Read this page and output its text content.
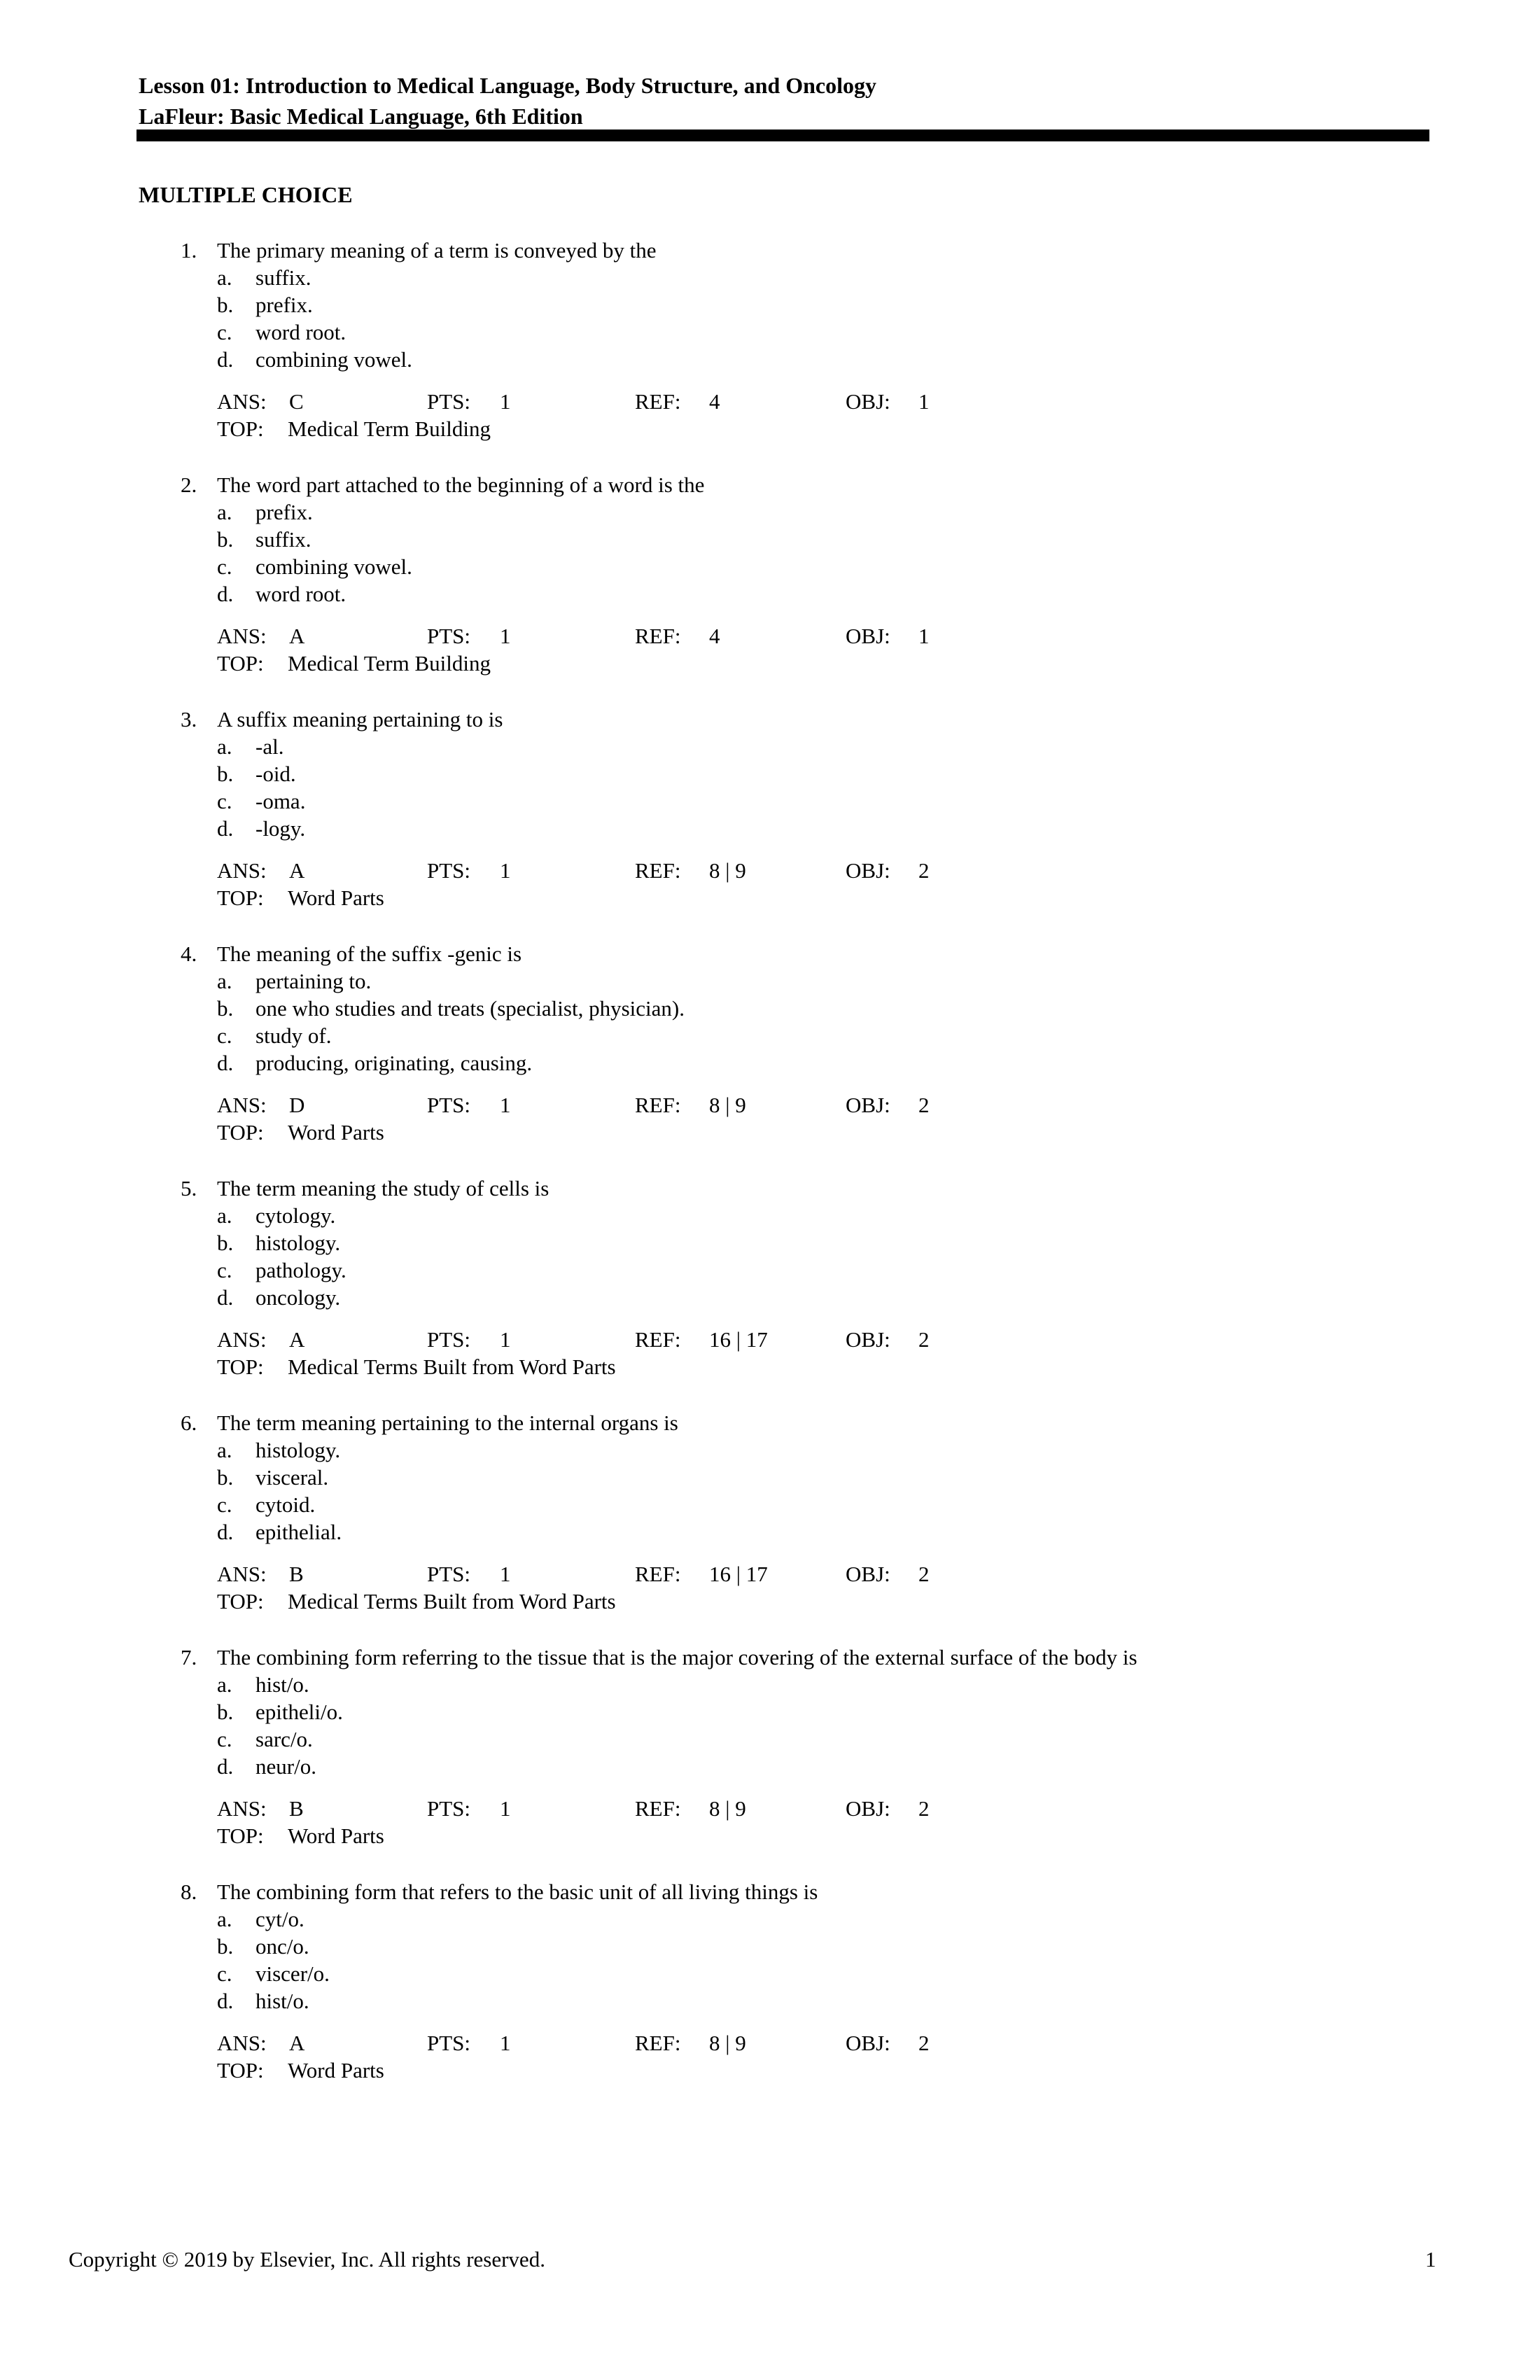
Lesson 01: Introduction to Medical Language, Body Structure, and Oncology

LaFleur: Basic Medical Language, 6th Edition

MULTIPLE CHOICE

1. The primary meaning of a term is conveyed by the
a. suffix.
b. prefix.
c. word root.
d. combining vowel.
ANS: C	PTS: 1	REF: 4	OBJ: 1
TOP: Medical Term Building
2. The word part attached to the beginning of a word is the
a. prefix.
b. suffix.
c. combining vowel.
d. word root.
ANS: A	PTS: 1	REF: 4	OBJ: 1
TOP: Medical Term Building
3. A suffix meaning pertaining to is
a. -al.
b. -oid.
c. -oma.
d. -logy.
ANS: A	PTS: 1	REF: 8 | 9	OBJ: 2
TOP: Word Parts
4. The meaning of the suffix -genic is
a. pertaining to.
b. one who studies and treats (specialist, physician).
c. study of.
d. producing, originating, causing.
ANS: D	PTS: 1	REF: 8 | 9	OBJ: 2
TOP: Word Parts
5. The term meaning the study of cells is
a. cytology.
b. histology.
c. pathology.
d. oncology.
ANS: A	PTS: 1	REF: 16 | 17	OBJ: 2
TOP: Medical Terms Built from Word Parts
6. The term meaning pertaining to the internal organs is
a. histology.
b. visceral.
c. cytoid.
d. epithelial.
ANS: B	PTS: 1	REF: 16 | 17	OBJ: 2
TOP: Medical Terms Built from Word Parts
7. The combining form referring to the tissue that is the major covering of the external surface of the body is
a. hist/o.
b. epitheli/o.
c. sarc/o.
d. neur/o.
ANS: B	PTS: 1	REF: 8 | 9	OBJ: 2
TOP: Word Parts
8. The combining form that refers to the basic unit of all living things is
a. cyt/o.
b. onc/o.
c. viscer/o.
d. hist/o.
ANS: A	PTS: 1	REF: 8 | 9	OBJ: 2
TOP: Word Parts
Copyright © 2019 by Elsevier, Inc. All rights reserved.	1
